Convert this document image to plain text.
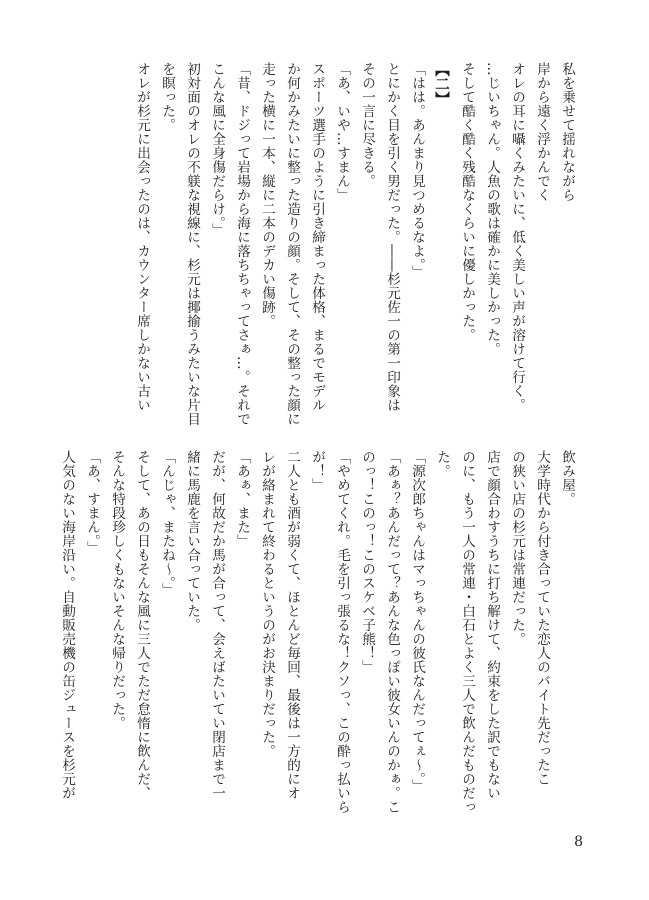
私を乗せて揺れながら
岸から遠く浮かんでく
オレの耳に囁くみたいに、低く美しい声が溶けて行く。
…じいちゃん。人魚の歌は確かに美しかった。
そして酷く酷く残酷なくらいに優しかった。
【二】
「はは。あんまり見つめるなよ。」
とにかく目を引く男だった。――杉元佐一の第一印象は
その一言に尽きる。
「あ、いや…すまん」
スポーツ選手のように引き締まった体格、まるでモデル
か何かみたいに整った造りの顔。そして、その整った顔に
走った横に一本、縦に二本のデカい傷跡。
「昔、ドジって岩場から海に落ちちゃってさぁ…。それで
こんな風に全身傷だらけ。」
初対面のオレの不躾な視線に、杉元は揶揄うみたいな片目
を瞑った。
オレが杉元に出会ったのは、カウンター席しかない古い
飲み屋。
大学時代から付き合っていた恋人のバイト先だったこ
の狭い店の杉元は常連だった。
店で顔合わすうちに打ち解けて、約束をした訳でもない
のに、もう一人の常連・白石とよく三人で飲んだものだっ
た。
「源次郎ちゃんはマっちゃんの彼氏なんだってぇ～。」
「あぁ？あんだって？あんな色っぽい彼女いんのかぁ。こ
のっ！このっ！このスケベ子熊！」
「やめてくれ。毛を引っ張るな！クソっ、この酔っ払いら
が！」
二人とも酒が弱くて、ほとんど毎回、最後は一方的にオ
レが絡まれて終わるというのがお決まりだった。
「あぁ、また」
だが、何故だか馬が合って、会えばたいてい閉店まで一
緒に馬鹿を言い合っていた。
「んじゃ、またね～。」
そして、あの日もそんな風に三人でただ怠惰に飲んだ、
そんな特段珍しくもないそんな帰りだった。
「あ、すまん。」
人気のない海岸沿い。自動販売機の缶ジュースを杉元が
8
